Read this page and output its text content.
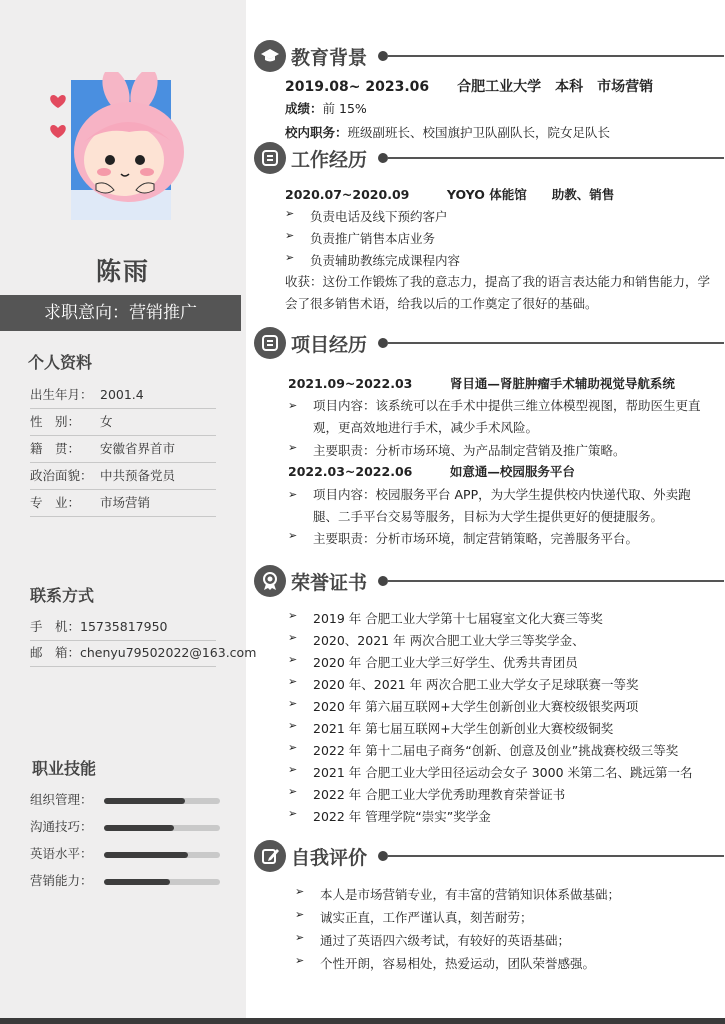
陈雨
求职意向：营销推广
个人资料
出生年月： 2001.4
性　别： 女
籍　贯： 安徽省界首市
政治面貌： 中共预备党员
专　业： 市场营销
联系方式
手　机：15735817950
邮　箱：chenyu79502022@163.com
职业技能
组织管理：
沟通技巧：
英语水平：
营销能力：
教育背景
2019.08~ 2023.06　　合肥工业大学　本科　市场营销
成绩：前 15%
校内职务：班级副班长、校国旗护卫队副队长，院女足队长
工作经历
2020.07~2020.09　　　YOYO 体能馆　　助教、销售
➢ 负责电话及线下预约客户
➢ 负责推广销售本店业务
➢ 负责辅助教练完成课程内容
收获：这份工作锻炼了我的意志力，提高了我的语言表达能力和销售能力，学会了很多销售术语，给我以后的工作奠定了很好的基础。
项目经历
2021.09~2022.03　　　肾目通—肾脏肿瘤手术辅助视觉导航系统
➢ 项目内容：该系统可以在手术中提供三维立体模型视图，帮助医生更直观，更高效地进行手术，减少手术风险。
➢ 主要职责：分析市场环境、为产品制定营销及推广策略。
2022.03~2022.06　　　如意通—校园服务平台
➢ 项目内容：校园服务平台 APP，为大学生提供校内快递代取、外卖跑腿、二手平台交易等服务，目标为大学生提供更好的便捷服务。
➢ 主要职责：分析市场环境，制定营销策略，完善服务平台。
荣誉证书
➢ 2019 年 合肥工业大学第十七届寝室文化大赛三等奖
➢ 2020、2021 年 两次合肥工业大学三等奖学金、
➢ 2020 年 合肥工业大学三好学生、优秀共青团员
➢ 2020 年、2021 年 两次合肥工业大学女子足球联赛一等奖
➢ 2020 年 第六届互联网+大学生创新创业大赛校级银奖两项
➢ 2021 年 第七届互联网+大学生创新创业大赛校级铜奖
➢ 2022 年 第十二届电子商务“创新、创意及创业”挑战赛校级三等奖
➢ 2021 年 合肥工业大学田径运动会女子 3000 米第二名、跳远第一名
➢ 2022 年 合肥工业大学优秀助理教育荣誉证书
➢ 2022 年 管理学院“崇实”奖学金
自我评价
➢ 本人是市场营销专业，有丰富的营销知识体系做基础；
➢ 诚实正直，工作严谨认真，刻苦耐劳；
➢ 通过了英语四六级考试，有较好的英语基础；
➢ 个性开朗，容易相处，热爱运动，团队荣誉感强。
